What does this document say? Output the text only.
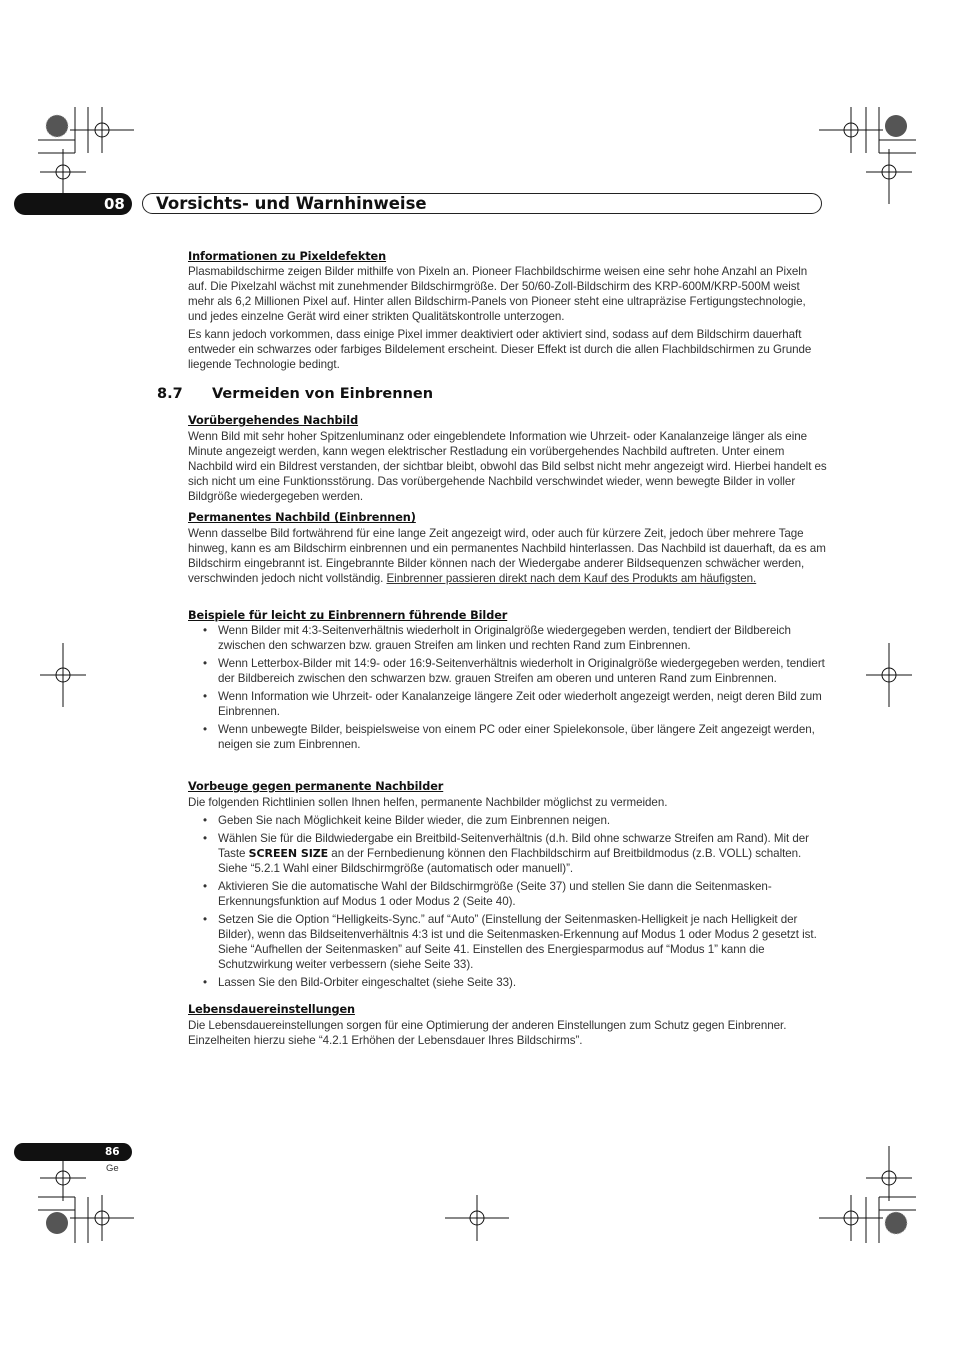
08 Vorsichts- und Warnhinweise
Informationen zu Pixeldefekten

Plasmabildschirme zeigen Bilder mithilfe von Pixeln an. Pioneer Flachbildschirme weisen eine sehr hohe Anzahl an Pixeln auf. Die Pixelzahl wächst mit zunehmender Bildschirmgröße. Der 50/60-Zoll-Bildschirm des KRP-600M/KRP-500M weist mehr als 6,2 Millionen Pixel auf. Hinter allen Bildschirm-Panels von Pioneer steht eine ultrapräzise Fertigungstechnologie, und jedes einzelne Gerät wird einer strikten Qualitätskontrolle unterzogen.

Es kann jedoch vorkommen, dass einige Pixel immer deaktiviert oder aktiviert sind, sodass auf dem Bildschirm dauerhaft entweder ein schwarzes oder farbiges Bildelement erscheint. Dieser Effekt ist durch die allen Flachbildschirmen zu Grunde liegende Technologie bedingt.

8.7 Vermeiden von Einbrennen
Vorübergehendes Nachbild

Wenn Bild mit sehr hoher Spitzenluminanz oder eingeblendete Information wie Uhrzeit- oder Kanalanzeige länger als eine Minute angezeigt werden, kann wegen elektrischer Restladung ein vorübergehendes Nachbild auftreten. Unter einem Nachbild wird ein Bildrest verstanden, der sichtbar bleibt, obwohl das Bild selbst nicht mehr angezeigt wird. Hierbei handelt es sich nicht um eine Funktionsstörung. Das vorübergehende Nachbild verschwindet wieder, wenn bewegte Bilder in voller Bildgröße wiedergegeben werden.

Permanentes Nachbild (Einbrennen)

Wenn dasselbe Bild fortwährend für eine lange Zeit angezeigt wird, oder auch für kürzere Zeit, jedoch über mehrere Tage hinweg, kann es am Bildschirm einbrennen und ein permanentes Nachbild hinterlassen. Das Nachbild ist dauerhaft, da es am Bildschirm eingebrannt ist. Eingebrannte Bilder können nach der Wiedergabe anderer Bildsequenzen schwächer werden, verschwinden jedoch nicht vollständig. Einbrenner passieren direkt nach dem Kauf des Produkts am häufigsten.

Beispiele für leicht zu Einbrennern führende Bilder
• Wenn Bilder mit 4:3-Seitenverhältnis wiederholt in Originalgröße wiedergegeben werden, tendiert der Bildbereich zwischen den schwarzen bzw. grauen Streifen am linken und rechten Rand zum Einbrennen.
• Wenn Letterbox-Bilder mit 14:9- oder 16:9-Seitenverhältnis wiederholt in Originalgröße wiedergegeben werden, tendiert der Bildbereich zwischen den schwarzen bzw. grauen Streifen am oberen und unteren Rand zum Einbrennen.
• Wenn Information wie Uhrzeit- oder Kanalanzeige längere Zeit oder wiederholt angezeigt werden, neigt deren Bild zum Einbrennen.
• Wenn unbewegte Bilder, beispielsweise von einem PC oder einer Spielekonsole, über längere Zeit angezeigt werden, neigen sie zum Einbrennen.
Vorbeuge gegen permanente Nachbilder

Die folgenden Richtlinien sollen Ihnen helfen, permanente Nachbilder möglichst zu vermeiden.

• Geben Sie nach Möglichkeit keine Bilder wieder, die zum Einbrennen neigen.
• Wählen Sie für die Bildwiedergabe ein Breitbild-Seitenverhältnis (d.h. Bild ohne schwarze Streifen am Rand). Mit der Taste SCREEN SIZE an der Fernbedienung können den Flachbildschirm auf Breitbildmodus (z.B. VOLL) schalten. Siehe “5.2.1 Wahl einer Bildschirmgröße (automatisch oder manuell)”.
• Aktivieren Sie die automatische Wahl der Bildschirmgröße (Seite 37) und stellen Sie dann die Seitenmasken-Erkennungsfunktion auf Modus 1 oder Modus 2 (Seite 40).
• Setzen Sie die Option “Helligkeits-Sync.” auf “Auto” (Einstellung der Seitenmasken-Helligkeit je nach Helligkeit der Bilder), wenn das Bildseitenverhältnis 4:3 ist und die Seitenmasken-Erkennung auf Modus 1 oder Modus 2 gesetzt ist. Siehe “Aufhellen der Seitenmasken” auf Seite 41. Einstellen des Energiesparmodus auf “Modus 1” kann die Schutzwirkung weiter verbessern (siehe Seite 33).
• Lassen Sie den Bild-Orbiter eingeschaltet (siehe Seite 33).
Lebensdauereinstellungen

Die Lebensdauereinstellungen sorgen für eine Optimierung der anderen Einstellungen zum Schutz gegen Einbrenner. Einzelheiten hierzu siehe “4.2.1 Erhöhen der Lebensdauer Ihres Bildschirms”.

86
Ge
